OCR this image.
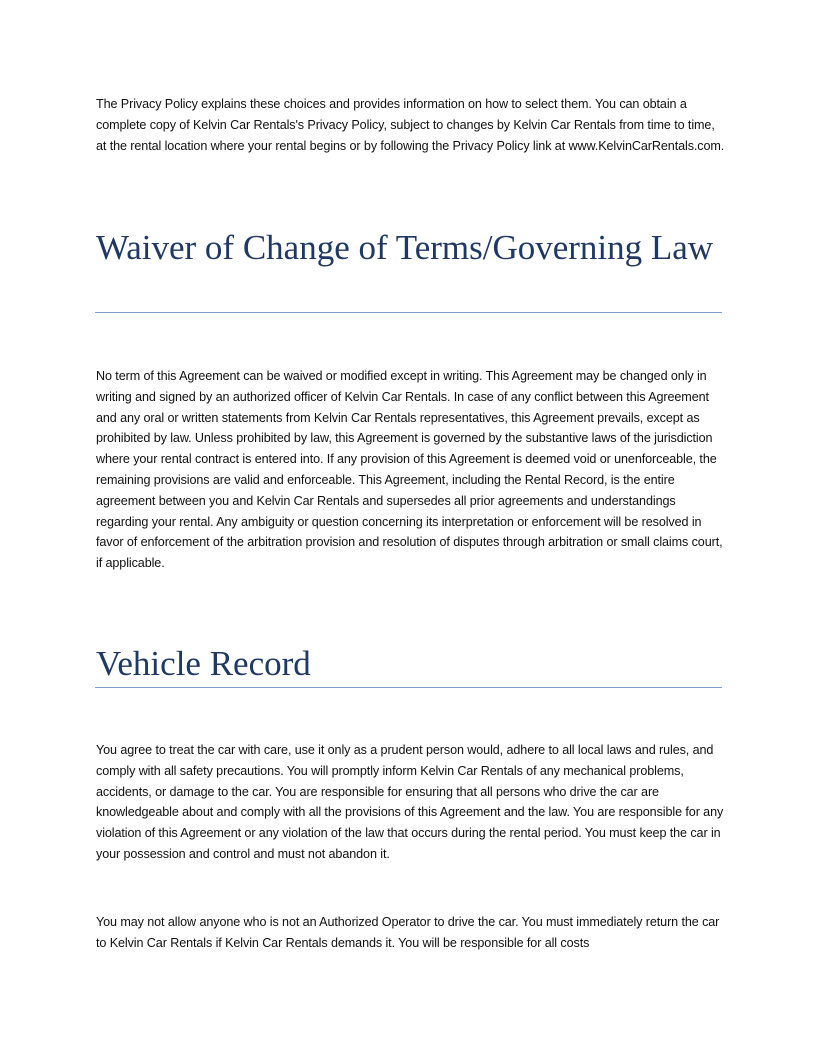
The Privacy Policy explains these choices and provides information on how to select them. You can obtain a complete copy of Kelvin Car Rentals's Privacy Policy, subject to changes by Kelvin Car Rentals from time to time, at the rental location where your rental begins or by following the Privacy Policy link at www.KelvinCarRentals.com.

Waiver of Change of Terms/Governing Law

No term of this Agreement can be waived or modified except in writing. This Agreement may be changed only in writing and signed by an authorized officer of Kelvin Car Rentals. In case of any conflict between this Agreement and any oral or written statements from Kelvin Car Rentals representatives, this Agreement prevails, except as prohibited by law. Unless prohibited by law, this Agreement is governed by the substantive laws of the jurisdiction where your rental contract is entered into. If any provision of this Agreement is deemed void or unenforceable, the remaining provisions are valid and enforceable. This Agreement, including the Rental Record, is the entire agreement between you and Kelvin Car Rentals and supersedes all prior agreements and understandings regarding your rental. Any ambiguity or question concerning its interpretation or enforcement will be resolved in favor of enforcement of the arbitration provision and resolution of disputes through arbitration or small claims court, if applicable.

Vehicle Record

You agree to treat the car with care, use it only as a prudent person would, adhere to all local laws and rules, and comply with all safety precautions. You will promptly inform Kelvin Car Rentals of any mechanical problems, accidents, or damage to the car. You are responsible for ensuring that all persons who drive the car are knowledgeable about and comply with all the provisions of this Agreement and the law. You are responsible for any violation of this Agreement or any violation of the law that occurs during the rental period. You must keep the car in your possession and control and must not abandon it.

You may not allow anyone who is not an Authorized Operator to drive the car. You must immediately return the car to Kelvin Car Rentals if Kelvin Car Rentals demands it. You will be responsible for all costs
